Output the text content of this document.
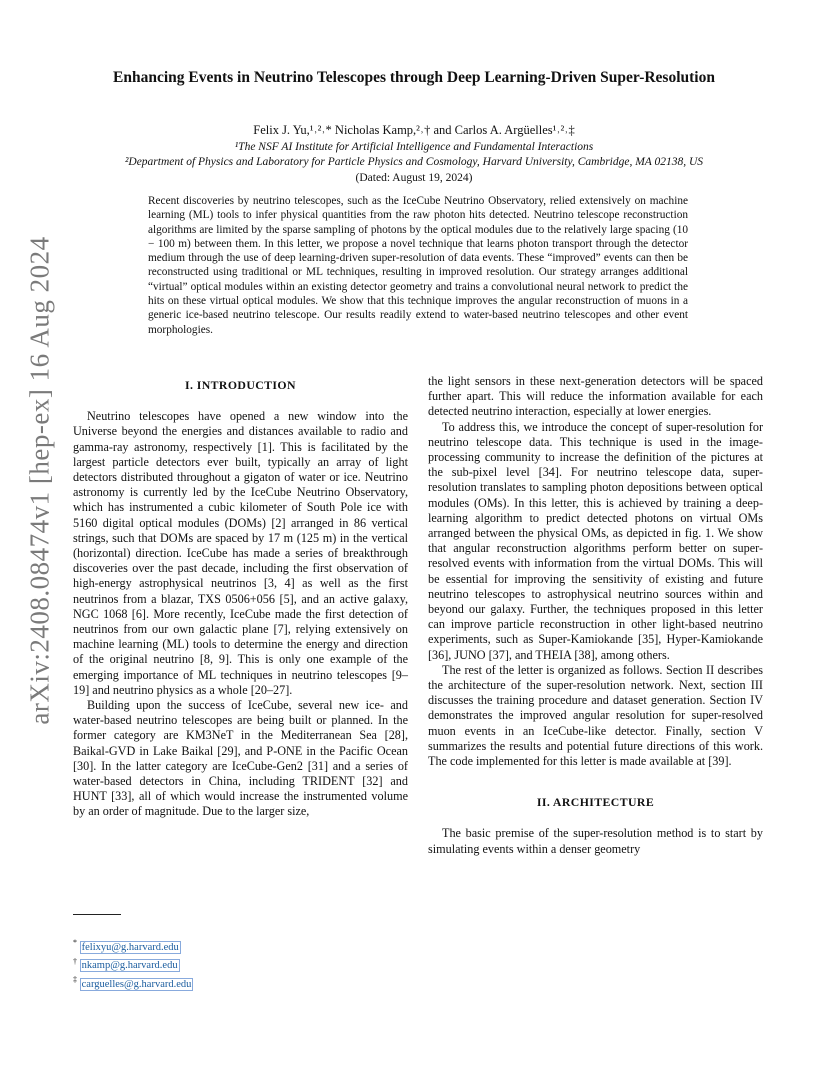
arXiv:2408.08474v1 [hep-ex] 16 Aug 2024
Enhancing Events in Neutrino Telescopes through Deep Learning-Driven Super-Resolution
Felix J. Yu,¹˒²˒* Nicholas Kamp,²˒† and Carlos A. Argüelles¹˒²˒‡
¹The NSF AI Institute for Artificial Intelligence and Fundamental Interactions
²Department of Physics and Laboratory for Particle Physics and Cosmology, Harvard University, Cambridge, MA 02138, US
(Dated: August 19, 2024)
Recent discoveries by neutrino telescopes, such as the IceCube Neutrino Observatory, relied extensively on machine learning (ML) tools to infer physical quantities from the raw photon hits detected. Neutrino telescope reconstruction algorithms are limited by the sparse sampling of photons by the optical modules due to the relatively large spacing (10 − 100 m) between them. In this letter, we propose a novel technique that learns photon transport through the detector medium through the use of deep learning-driven super-resolution of data events. These “improved” events can then be reconstructed using traditional or ML techniques, resulting in improved resolution. Our strategy arranges additional “virtual” optical modules within an existing detector geometry and trains a convolutional neural network to predict the hits on these virtual optical modules. We show that this technique improves the angular reconstruction of muons in a generic ice-based neutrino telescope. Our results readily extend to water-based neutrino telescopes and other event morphologies.
I. INTRODUCTION

Neutrino telescopes have opened a new window into the Universe beyond the energies and distances available to radio and gamma-ray astronomy, respectively [1]. This is facilitated by the largest particle detectors ever built, typically an array of light detectors distributed throughout a gigaton of water or ice. Neutrino astronomy is currently led by the IceCube Neutrino Observatory, which has instrumented a cubic kilometer of South Pole ice with 5160 digital optical modules (DOMs) [2] arranged in 86 vertical strings, such that DOMs are spaced by 17 m (125 m) in the vertical (horizontal) direction. IceCube has made a series of breakthrough discoveries over the past decade, including the first observation of high-energy astrophysical neutrinos [3, 4] as well as the first neutrinos from a blazar, TXS 0506+056 [5], and an active galaxy, NGC 1068 [6]. More recently, IceCube made the first detection of neutrinos from our own galactic plane [7], relying extensively on machine learning (ML) tools to determine the energy and direction of the original neutrino [8, 9]. This is only one example of the emerging importance of ML techniques in neutrino telescopes [9–19] and neutrino physics as a whole [20–27].

Building upon the success of IceCube, several new ice- and water-based neutrino telescopes are being built or planned. In the former category are KM3NeT in the Mediterranean Sea [28], Baikal-GVD in Lake Baikal [29], and P-ONE in the Pacific Ocean [30]. In the latter category are IceCube-Gen2 [31] and a series of water-based detectors in China, including TRIDENT [32] and HUNT [33], all of which would increase the instrumented volume by an order of magnitude. Due to the larger size,

the light sensors in these next-generation detectors will be spaced further apart. This will reduce the information available for each detected neutrino interaction, especially at lower energies.

To address this, we introduce the concept of super-resolution for neutrino telescope data. This technique is used in the image-processing community to increase the definition of the pictures at the sub-pixel level [34]. For neutrino telescope data, super-resolution translates to sampling photon depositions between optical modules (OMs). In this letter, this is achieved by training a deep-learning algorithm to predict detected photons on virtual OMs arranged between the physical OMs, as depicted in fig. 1. We show that angular reconstruction algorithms perform better on super-resolved events with information from the virtual DOMs. This will be essential for improving the sensitivity of existing and future neutrino telescopes to astrophysical neutrino sources within and beyond our galaxy. Further, the techniques proposed in this letter can improve particle reconstruction in other light-based neutrino experiments, such as Super-Kamiokande [35], Hyper-Kamiokande [36], JUNO [37], and THEIA [38], among others.

The rest of the letter is organized as follows. Section II describes the architecture of the super-resolution network. Next, section III discusses the training procedure and dataset generation. Section IV demonstrates the improved angular resolution for super-resolved muon events in an IceCube-like detector. Finally, section V summarizes the results and potential future directions of this work. The code implemented for this letter is made available at [39].

II. ARCHITECTURE

The basic premise of the super-resolution method is to start by simulating events within a denser geometry

* felixyu@g.harvard.edu
† nkamp@g.harvard.edu
‡ carguelles@g.harvard.edu
